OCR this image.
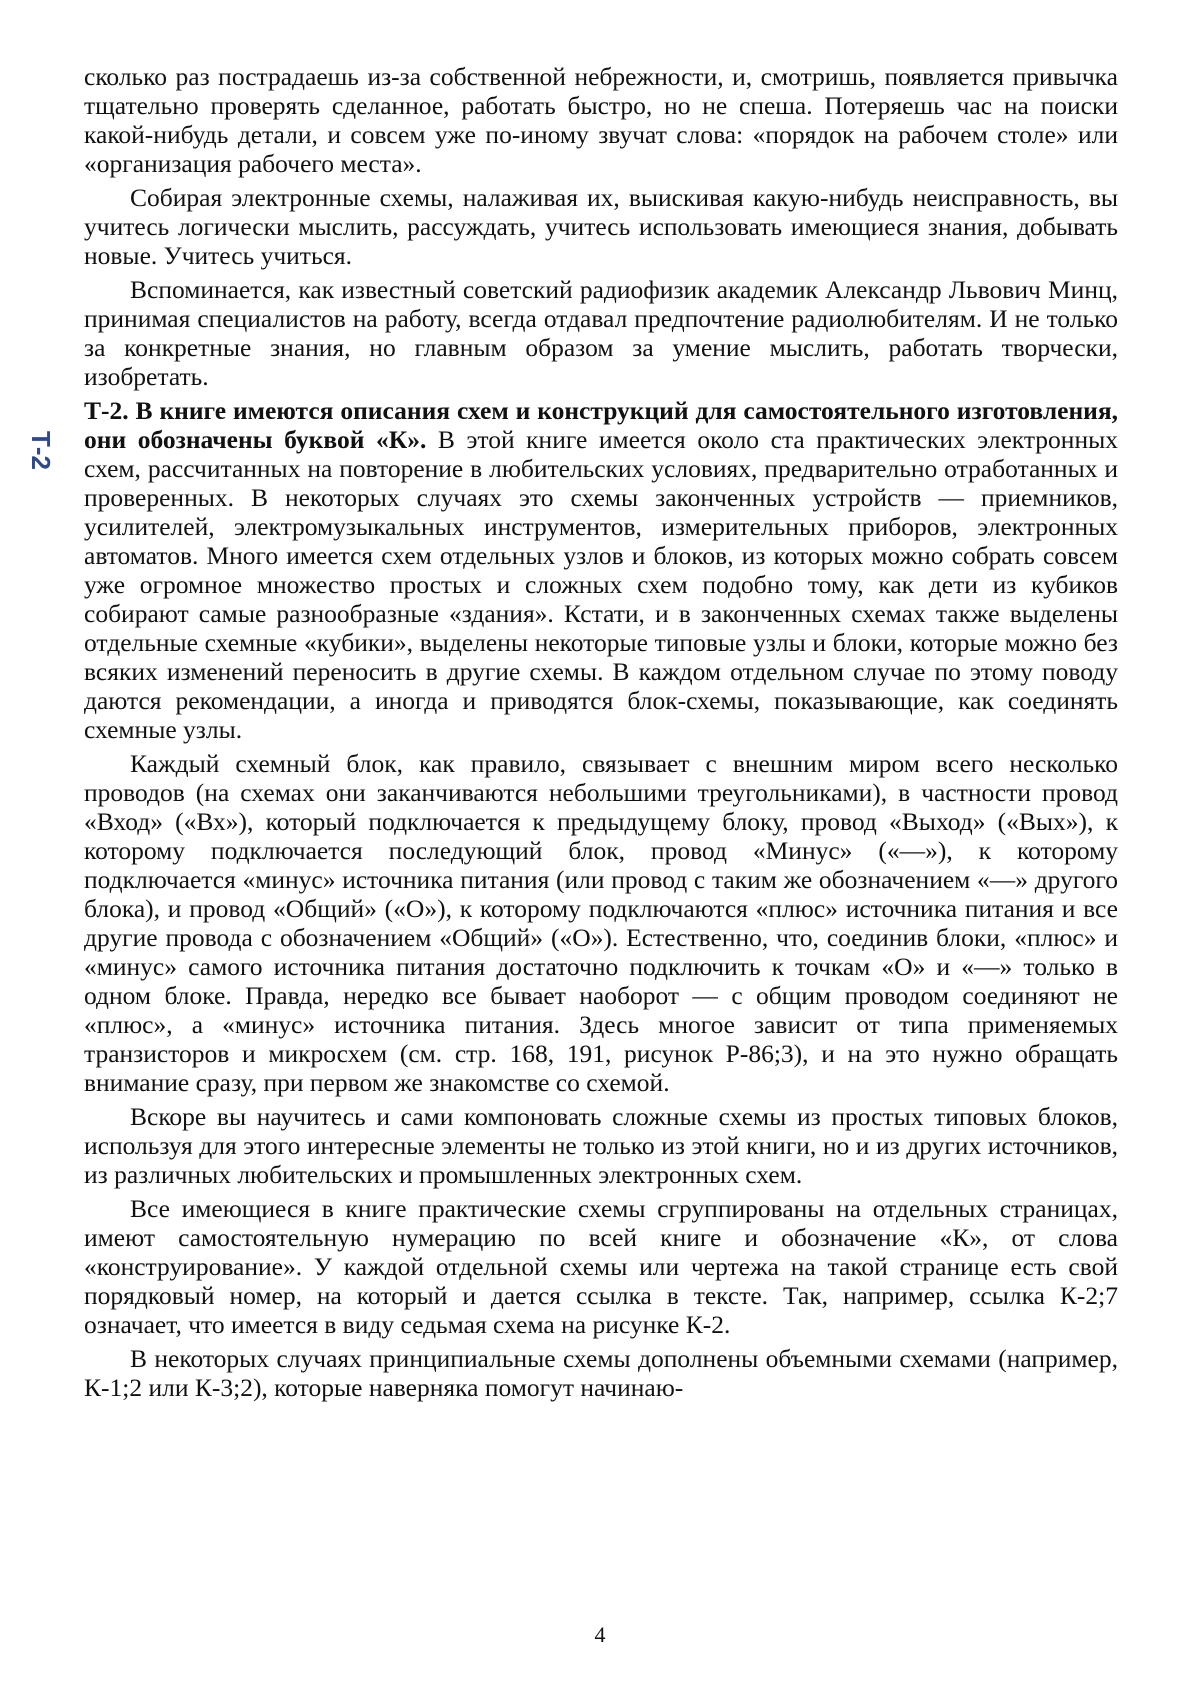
Т-2

сколько раз пострадаешь из-за собственной небрежности, и, смотришь, появляется привычка тщательно проверять сделанное, работать быстро, но не спеша. Потеряешь час на поиски какой-нибудь детали, и совсем уже по-иному звучат слова: «порядок на рабочем столе» или «организация рабочего места».

Собирая электронные схемы, налаживая их, выискивая какую-нибудь неисправность, вы учитесь логически мыслить, рассуждать, учитесь использовать имеющиеся знания, добывать новые. Учитесь учиться.

Вспоминается, как известный советский радиофизик академик Александр Львович Минц, принимая специалистов на работу, всегда отдавал предпочтение радиолюбителям. И не только за конкретные знания, но главным образом за умение мыслить, работать творчески, изобретать.

Т-2. В книге имеются описания схем и конструкций для самостоятельного изготовления, они обозначены буквой «К». В этой книге имеется около ста практических электронных схем, рассчитанных на повторение в любительских условиях, предварительно отработанных и проверенных. В некоторых случаях это схемы законченных устройств — приемников, усилителей, электромузыкальных инструментов, измерительных приборов, электронных автоматов. Много имеется схем отдельных узлов и блоков, из которых можно собрать совсем уже огромное множество простых и сложных схем подобно тому, как дети из кубиков собирают самые разнообразные «здания». Кстати, и в законченных схемах также выделены отдельные схемные «кубики», выделены некоторые типовые узлы и блоки, которые можно без всяких изменений переносить в другие схемы. В каждом отдельном случае по этому поводу даются рекомендации, а иногда и приводятся блок-схемы, показывающие, как соединять схемные узлы.

Каждый схемный блок, как правило, связывает с внешним миром всего несколько проводов (на схемах они заканчиваются небольшими треугольниками), в частности провод «Вход» («Вх»), который подключается к предыдущему блоку, провод «Выход» («Вых»), к которому подключается последующий блок, провод «Минус» («—»), к которому подключается «минус» источника питания (или провод с таким же обозначением «—» другого блока), и провод «Общий» («О»), к которому подключаются «плюс» источника питания и все другие провода с обозначением «Общий» («О»). Естественно, что, соединив блоки, «плюс» и «минус» самого источника питания достаточно подключить к точкам «О» и «—» только в одном блоке. Правда, нередко все бывает наоборот — с общим проводом соединяют не «плюс», а «минус» источника питания. Здесь многое зависит от типа применяемых транзисторов и микросхем (см. стр. 168, 191, рисунок Р-86;3), и на это нужно обращать внимание сразу, при первом же знакомстве со схемой.

Вскоре вы научитесь и сами компоновать сложные схемы из простых типовых блоков, используя для этого интересные элементы не только из этой книги, но и из других источников, из различных любительских и промышленных электронных схем.

Все имеющиеся в книге практические схемы сгруппированы на отдельных страницах, имеют самостоятельную нумерацию по всей книге и обозначение «К», от слова «конструирование». У каждой отдельной схемы или чертежа на такой странице есть свой порядковый номер, на который и дается ссылка в тексте. Так, например, ссылка К-2;7 означает, что имеется в виду седьмая схема на рисунке К-2.

В некоторых случаях принципиальные схемы дополнены объемными схемами (например, К-1;2 или К-3;2), которые наверняка помогут начинаю-

4
